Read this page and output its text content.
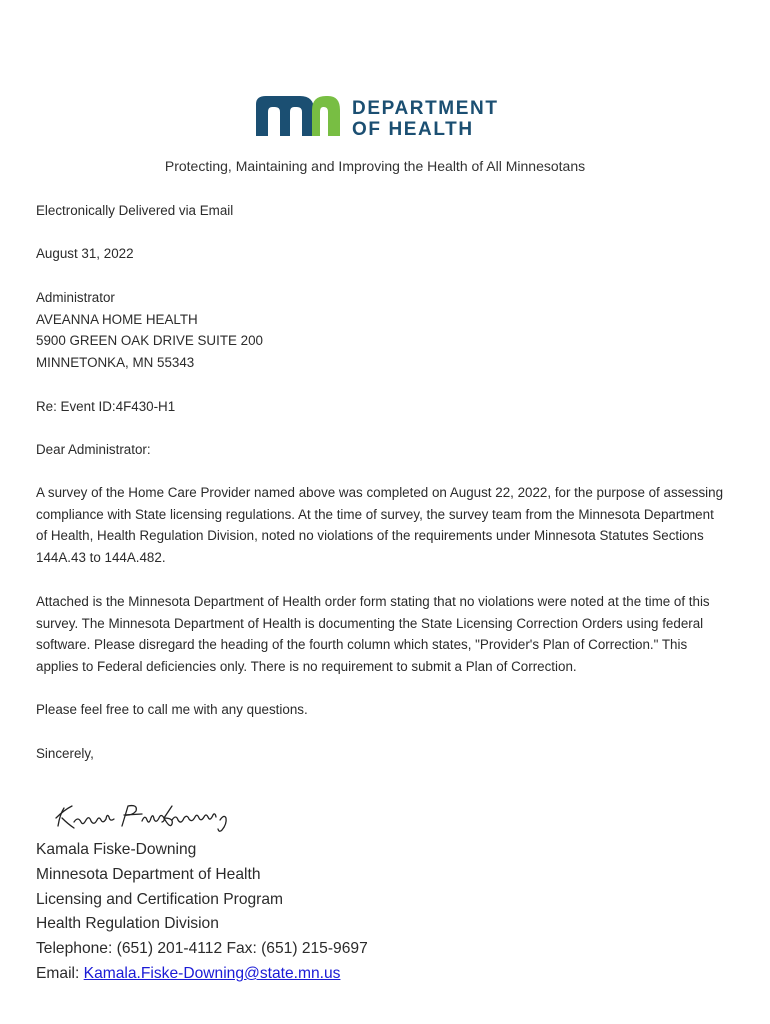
DEPARTMENT
OF HEALTH
Protecting, Maintaining and Improving the Health of All Minnesotans
Electronically Delivered via Email
August 31, 2022
Administrator
AVEANNA HOME HEALTH
5900 GREEN OAK DRIVE SUITE 200
MINNETONKA, MN 55343
Re: Event ID:4F430-H1
Dear Administrator:
A survey of the Home Care Provider named above was completed on August 22, 2022, for the purpose of assessing compliance with State licensing regulations. At the time of survey, the survey team from the Minnesota Department of Health, Health Regulation Division, noted no violations of the requirements under Minnesota Statutes Sections 144A.43 to 144A.482.
Attached is the Minnesota Department of Health order form stating that no violations were noted at the time of this survey. The Minnesota Department of Health is documenting the State Licensing Correction Orders using federal software. Please disregard the heading of the fourth column which states, "Provider's Plan of Correction." This applies to Federal deficiencies only. There is no requirement to submit a Plan of Correction.
Please feel free to call me with any questions.
Sincerely,
Kamala Fiske-Downing
Minnesota Department of Health
Licensing and Certification Program
Health Regulation Division
Telephone: (651) 201-4112 Fax: (651) 215-9697
Email: Kamala.Fiske-Downing@state.mn.us
